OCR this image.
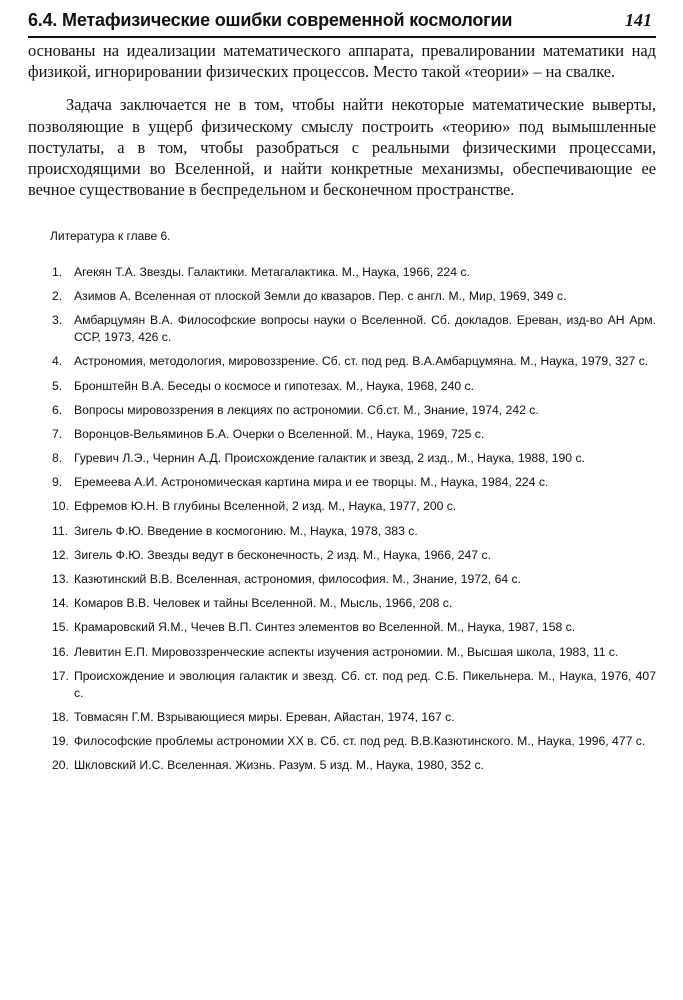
6.4. Метафизические ошибки современной космологии	141

основаны на идеализации математического аппарата, превалировании математики над физикой, игнорировании физических процессов. Место такой «теории» – на свалке.

Задача заключается не в том, чтобы найти некоторые математические выверты, позволяющие в ущерб физическому смыслу построить «теорию» под вымышленные постулаты, а в том, чтобы разобраться с реальными физическими процессами, происходящими во Вселенной, и найти конкретные механизмы, обеспечивающие ее вечное существование в беспредельном и бесконечном пространстве.

Литература к главе 6.
1. Агекян Т.А. Звезды. Галактики. Метагалактика. М., Наука, 1966, 224 с.
2. Азимов А. Вселенная от плоской Земли до квазаров. Пер. с англ. М., Мир, 1969, 349 с.
3. Амбарцумян В.А. Философские вопросы науки о Вселенной. Сб. докладов. Ереван, изд-во АН Арм. ССР, 1973, 426 с.
4. Астрономия, методология, мировоззрение. Сб. ст. под ред. В.А.Амбарцумяна. М., Наука, 1979, 327 с.
5. Бронштейн В.А. Беседы о космосе и гипотезах. М., Наука, 1968, 240 с.
6. Вопросы мировоззрения в лекциях по астрономии. Сб.ст. М., Знание, 1974, 242 с.
7. Воронцов-Вельяминов Б.А. Очерки о Вселенной. М., Наука, 1969, 725 с.
8. Гуревич Л.Э., Чернин А.Д. Происхождение галактик и звезд, 2 изд., М., Наука, 1988, 190 с.
9. Еремеева А.И. Астрономическая картина мира и ее творцы. М., Наука, 1984, 224 с.
10. Ефремов Ю.Н. В глубины Вселенной, 2 изд. М., Наука, 1977, 200 с.
11. Зигель Ф.Ю. Введение в космогонию. М., Наука, 1978, 383 с.
12. Зигель Ф.Ю. Звезды ведут в бесконечность, 2 изд. М., Наука, 1966, 247 с.
13. Казютинский В.В. Вселенная, астрономия, философия. М., Знание, 1972, 64 с.
14. Комаров В.В. Человек и тайны Вселенной. М., Мысль, 1966, 208 с.
15. Крамаровский Я.М., Чечев В.П. Синтез элементов во Вселенной. М., Наука, 1987, 158 с.
16. Левитин Е.П. Мировоззренческие аспекты изучения астрономии. М., Высшая школа, 1983, 11 с.
17. Происхождение и эволюция галактик и звезд. Сб. ст. под ред. С.Б. Пикельнера. М., Наука, 1976, 407 с.
18. Товмасян Г.М. Взрывающиеся миры. Ереван, Айастан, 1974, 167 с.
19. Философские проблемы астрономии XX в. Сб. ст. под ред. В.В.Казютинского. М., Наука, 1996, 477 с.
20. Шкловский И.С. Вселенная. Жизнь. Разум. 5 изд. М., Наука, 1980, 352 с.
